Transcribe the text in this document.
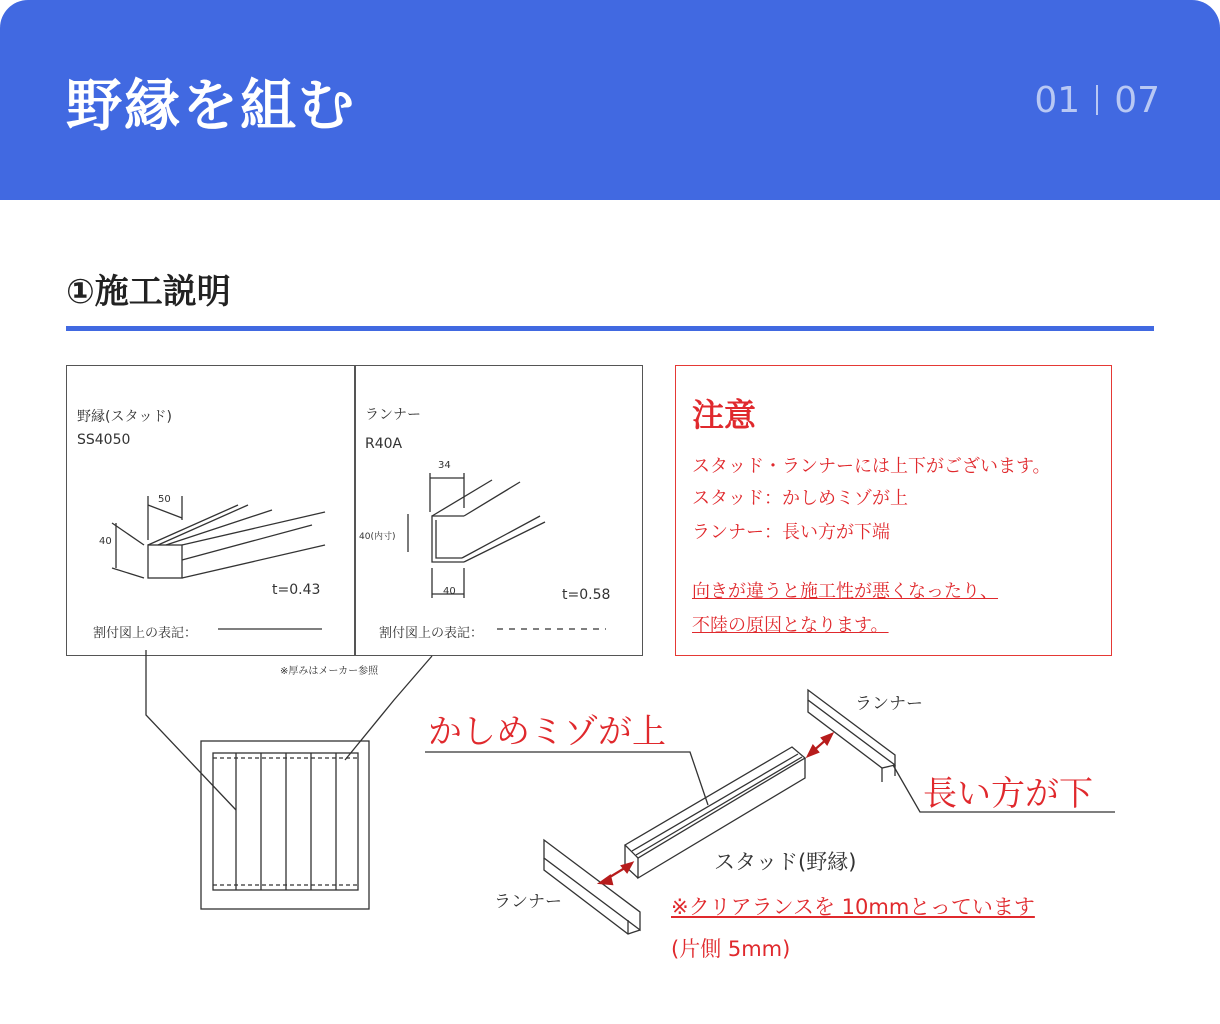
野縁を組む	01 07
①施工説明
野縁(スタッド)
SS4050
50
40
t=0.43
割付図上の表記：
ランナー
R40A
34
40(内寸)
40	t=0.58
割付図上の表記：
※厚みはメーカー参照
注意
スタッド・ランナーには上下がございます。
スタッド：かしめミゾが上
ランナー：長い方が下端
向きが違うと施工性が悪くなったり、
不陸の原因となります。
かしめミゾが上
長い方が下
ランナー
ランナー
スタッド(野縁)
※クリアランスを 10mmとっています
(片側 5mm)
